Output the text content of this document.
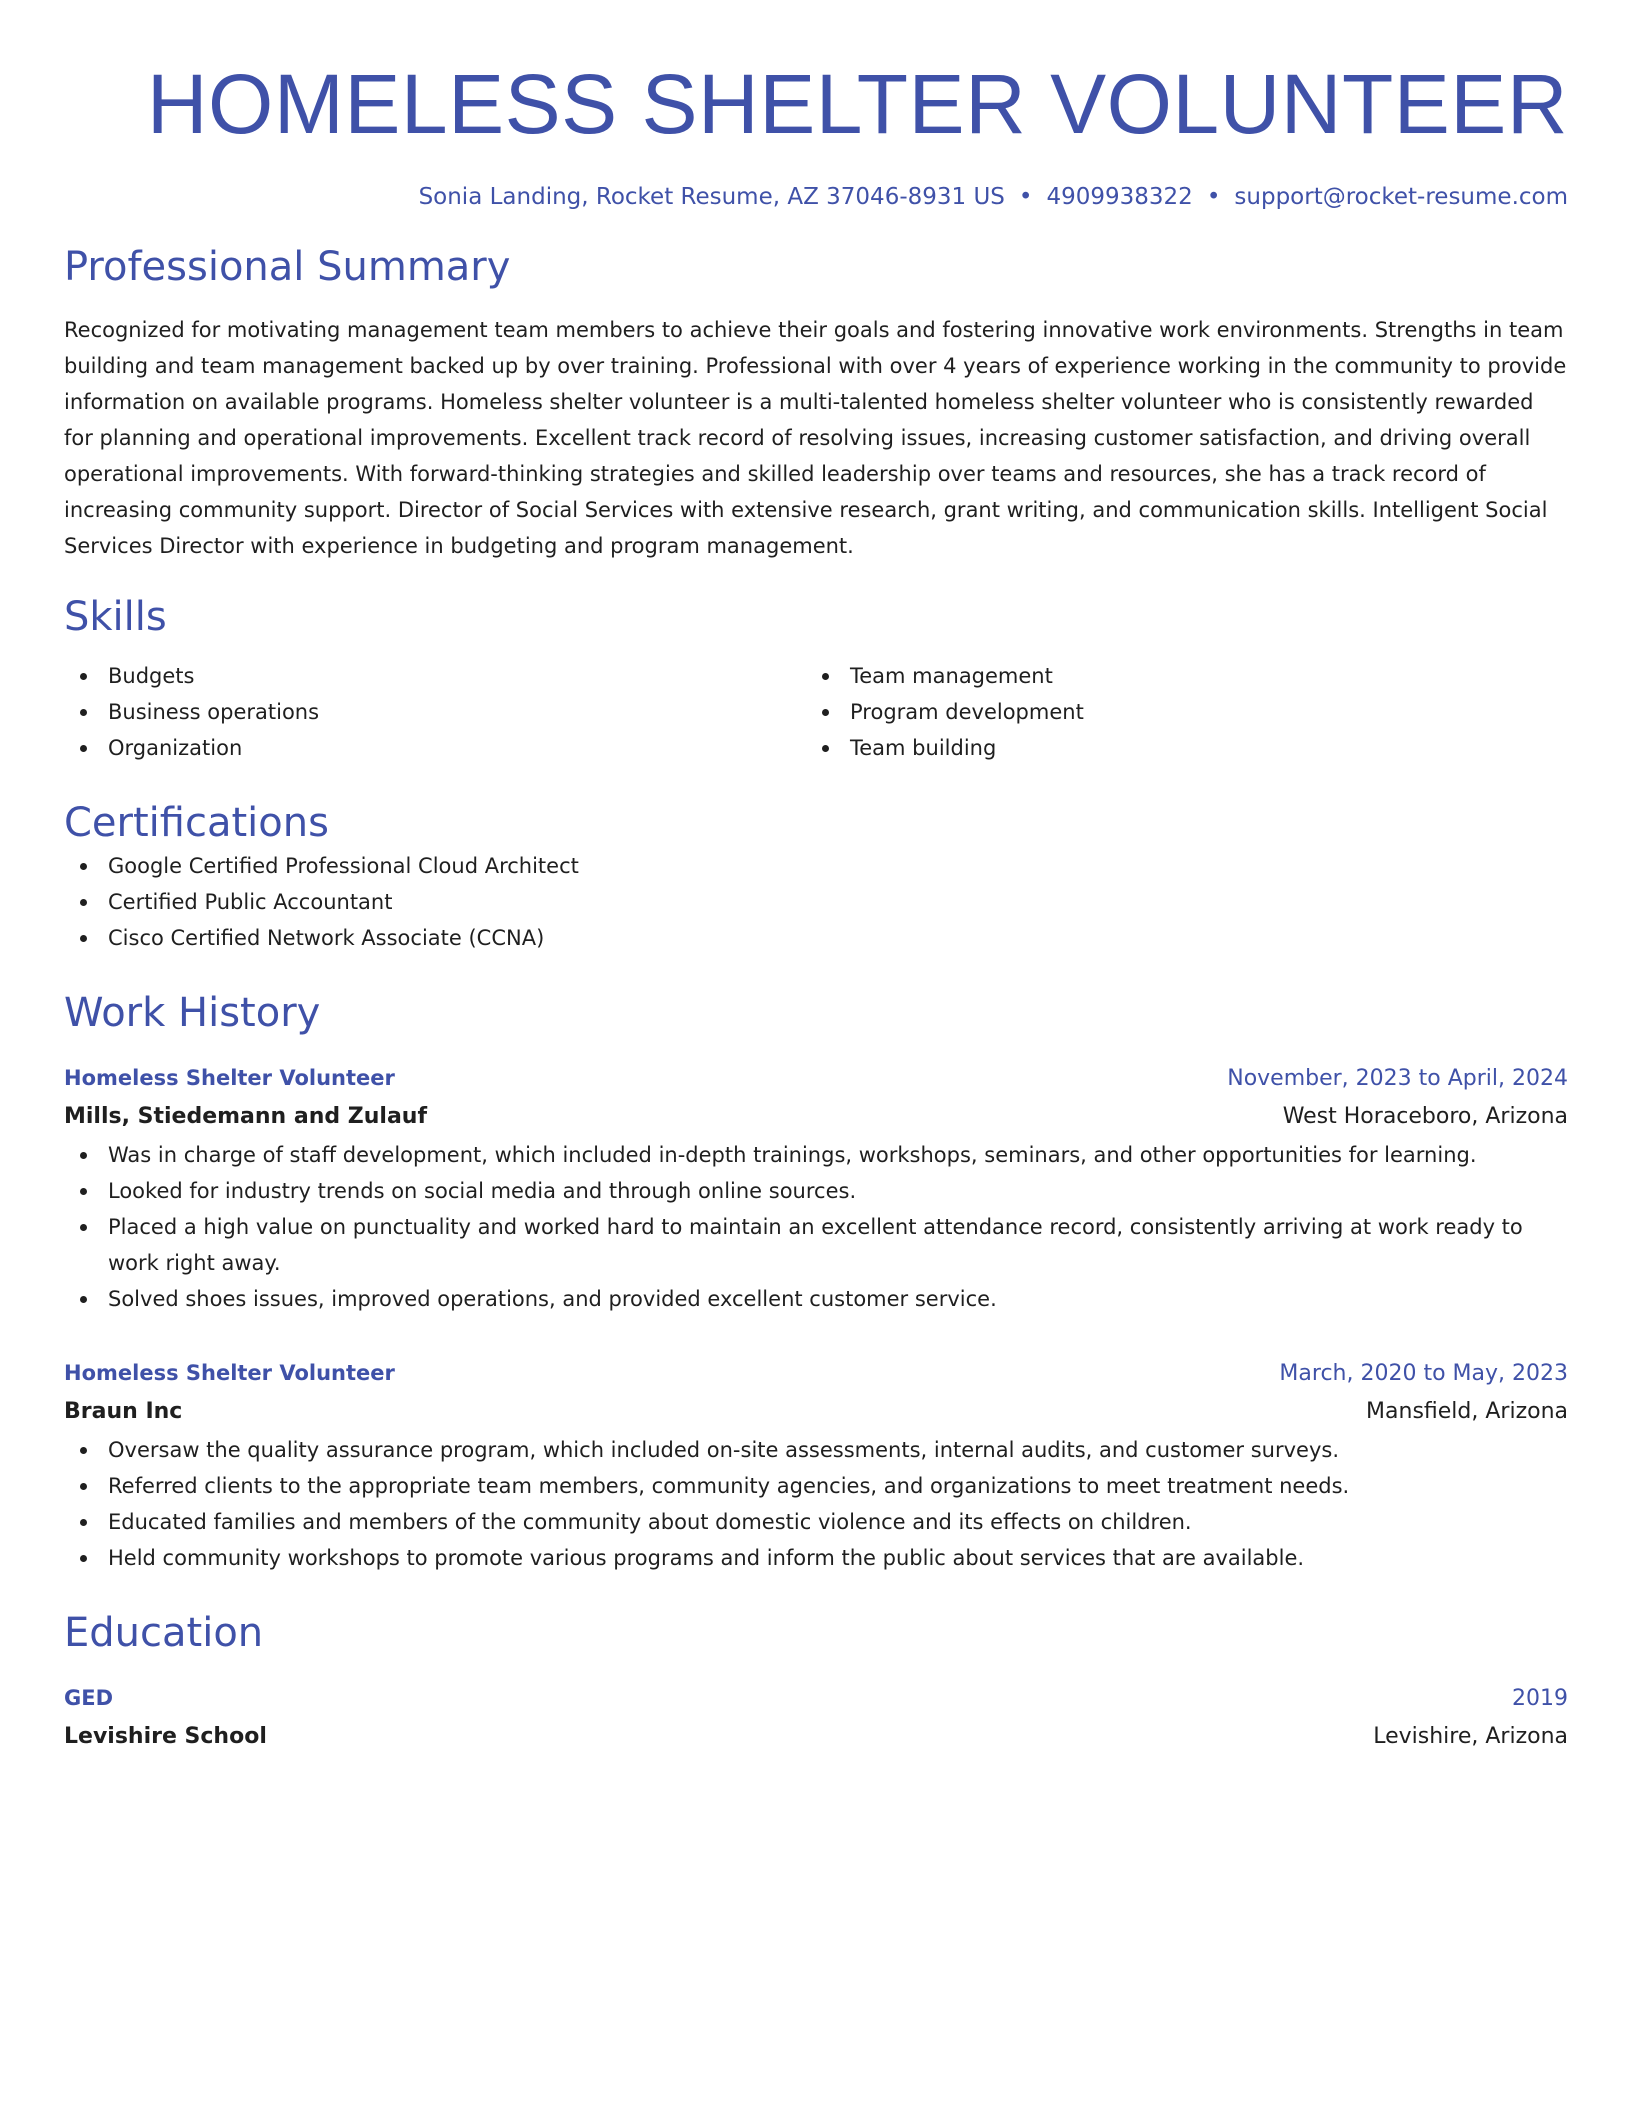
HOMELESS SHELTER VOLUNTEER
Sonia Landing, Rocket Resume, AZ 37046-8931 US • 4909938322 • support@rocket-resume.com
Professional Summary
Recognized for motivating management team members to achieve their goals and fostering innovative work environments. Strengths in team building and team management backed up by over training. Professional with over 4 years of experience working in the community to provide information on available programs. Homeless shelter volunteer is a multi-talented homeless shelter volunteer who is consistently rewarded for planning and operational improvements. Excellent track record of resolving issues, increasing customer satisfaction, and driving overall operational improvements. With forward-thinking strategies and skilled leadership over teams and resources, she has a track record of increasing community support. Director of Social Services with extensive research, grant writing, and communication skills. Intelligent Social Services Director with experience in budgeting and program management.
Skills
Budgets
Business operations
Organization
Team management
Program development
Team building
Certifications
Google Certified Professional Cloud Architect
Certified Public Accountant
Cisco Certified Network Associate (CCNA)
Work History
Homeless Shelter Volunteer	November, 2023 to April, 2024
Mills, Stiedemann and Zulauf	West Horaceboro, Arizona
Was in charge of staff development, which included in-depth trainings, workshops, seminars, and other opportunities for learning.
Looked for industry trends on social media and through online sources.
Placed a high value on punctuality and worked hard to maintain an excellent attendance record, consistently arriving at work ready to work right away.
Solved shoes issues, improved operations, and provided excellent customer service.
Homeless Shelter Volunteer	March, 2020 to May, 2023
Braun Inc	Mansfield, Arizona
Oversaw the quality assurance program, which included on-site assessments, internal audits, and customer surveys.
Referred clients to the appropriate team members, community agencies, and organizations to meet treatment needs.
Educated families and members of the community about domestic violence and its effects on children.
Held community workshops to promote various programs and inform the public about services that are available.
Education
GED	2019
Levishire School	Levishire, Arizona
